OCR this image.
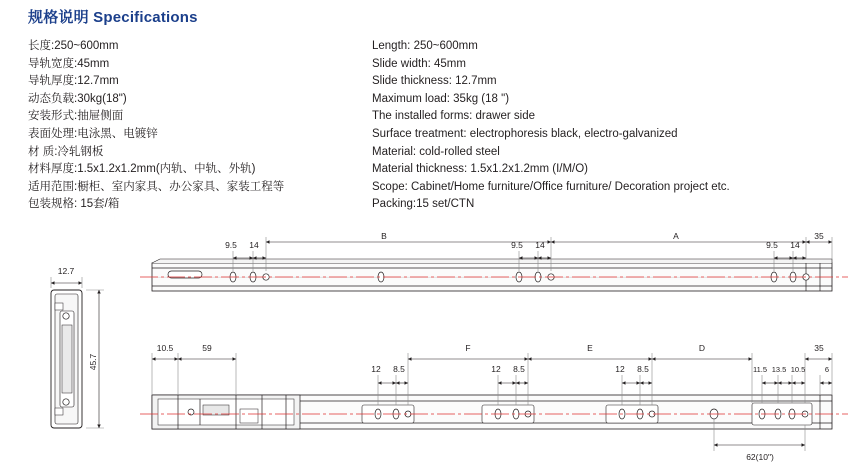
规格说明 Specifications
长度:250~600mm
导轨宽度:45mm
导轨厚度:12.7mm
动态负载:30kg(18")
安装形式:抽屉侧面
表面处理:电泳黑、电镀锌
材 质:冷轧钢板
材料厚度:1.5x1.2x1.2mm(内轨、中轨、外轨)
适用范围:橱柜、室内家具、办公家具、家装工程等
包装规格: 15套/箱
Length: 250~600mm
Slide width: 45mm
Slide thickness: 12.7mm
Maximum load: 35kg (18 ")
The installed forms: drawer side
Surface treatment: electrophoresis black, electro-galvanized
Material: cold-rolled steel
Material thickness: 1.5x1.2x1.2mm (I/M/O)
Scope: Cabinet/Home furniture/Office furniture/ Decoration project etc.
Packing:15 set/CTN
B	A	35
9.5 14	9.5 14	9.5 14
12.7
45.7
10.5	59	F	E	D	35
12 8.5	12 8.5	12 8.5	11.5 13.5 10.5	6
62(10")
